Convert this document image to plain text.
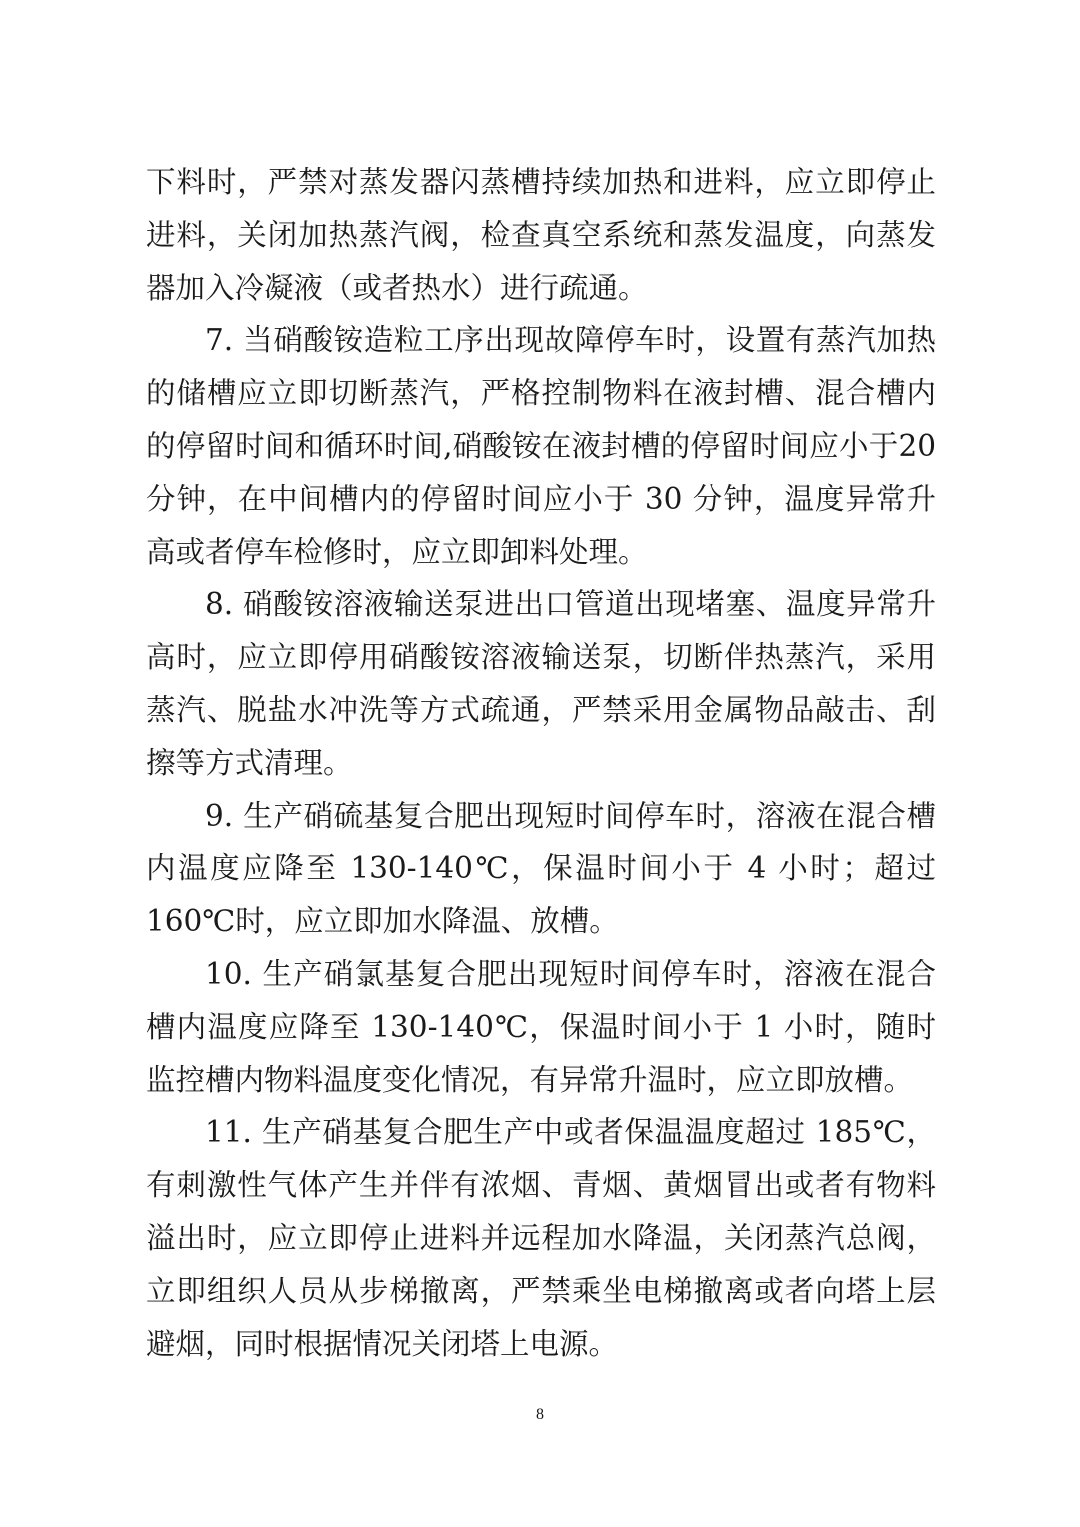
下料时，严禁对蒸发器闪蒸槽持续加热和进料，应立即停止进料，关闭加热蒸汽阀，检查真空系统和蒸发温度，向蒸发器加入冷凝液（或者热水）进行疏通。

7. 当硝酸铵造粒工序出现故障停车时，设置有蒸汽加热的储槽应立即切断蒸汽，严格控制物料在液封槽、混合槽内的停留时间和循环时间,硝酸铵在液封槽的停留时间应小于20分钟，在中间槽内的停留时间应小于 30 分钟，温度异常升高或者停车检修时，应立即卸料处理。

8. 硝酸铵溶液输送泵进出口管道出现堵塞、温度异常升高时，应立即停用硝酸铵溶液输送泵，切断伴热蒸汽，采用蒸汽、脱盐水冲洗等方式疏通，严禁采用金属物品敲击、刮擦等方式清理。

9. 生产硝硫基复合肥出现短时间停车时，溶液在混合槽内温度应降至 130-140℃，保温时间小于 4 小时；超过 160℃时，应立即加水降温、放槽。

10. 生产硝氯基复合肥出现短时间停车时，溶液在混合槽内温度应降至 130-140℃，保温时间小于 1 小时，随时监控槽内物料温度变化情况，有异常升温时，应立即放槽。

11. 生产硝基复合肥生产中或者保温温度超过 185℃，有刺激性气体产生并伴有浓烟、青烟、黄烟冒出或者有物料溢出时，应立即停止进料并远程加水降温，关闭蒸汽总阀，立即组织人员从步梯撤离，严禁乘坐电梯撤离或者向塔上层避烟，同时根据情况关闭塔上电源。

8
